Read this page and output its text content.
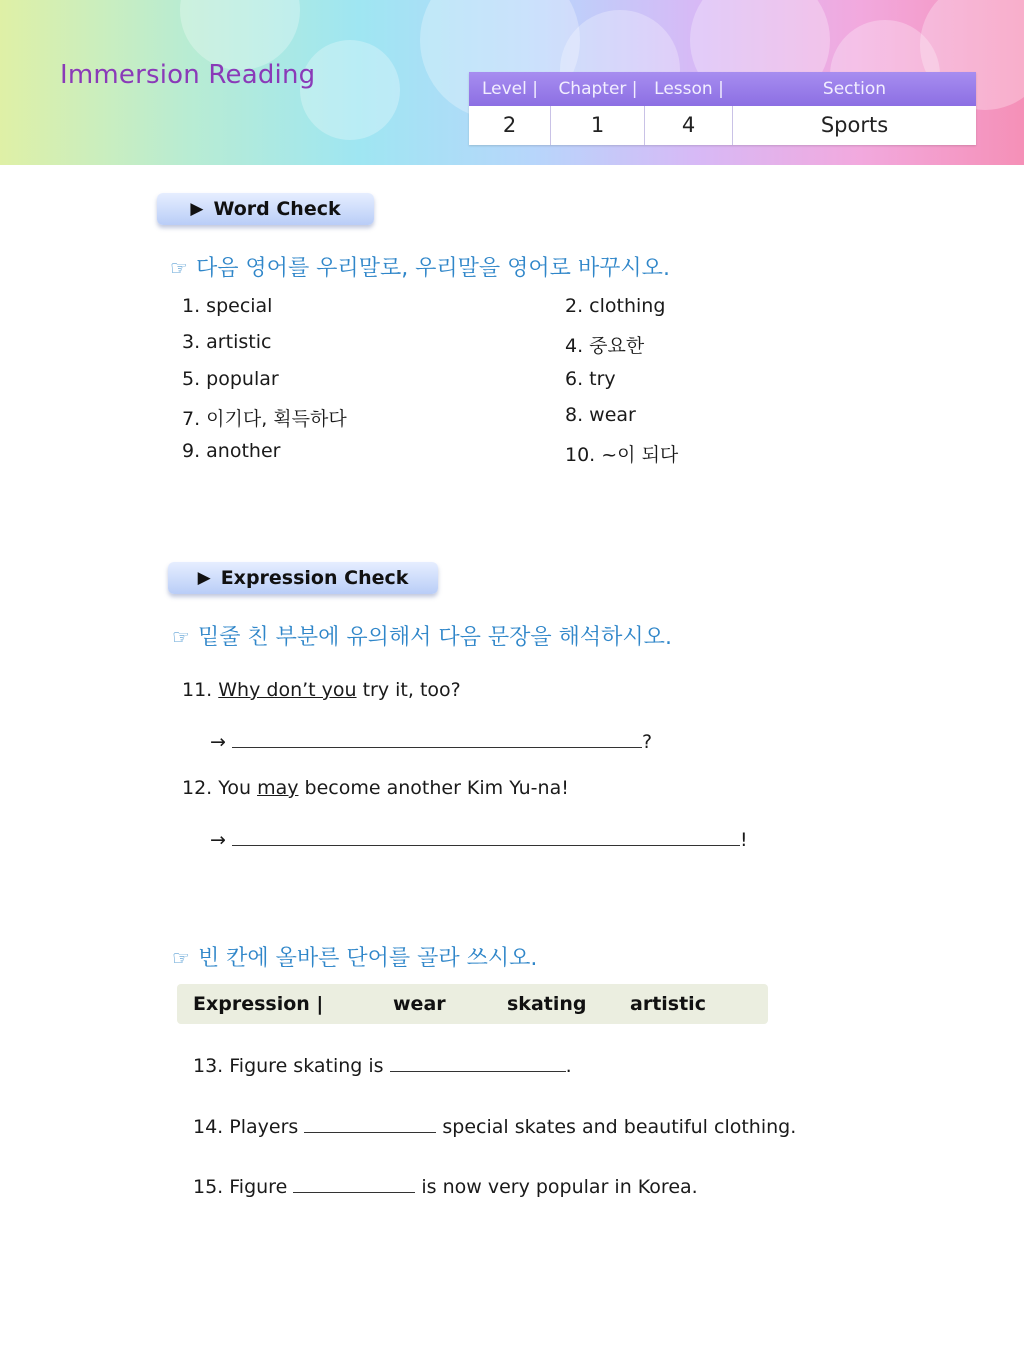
Immersion Reading	Level |	Chapter | Lesson |	Section
2	1	4	Sports
▶ Word Check
☞ 다음 영어를 우리말로, 우리말을 영어로 바꾸시오.
1. special	2. clothing
3. artistic	4. 중요한
5. popular	6. try
7. 이기다, 획득하다	8. wear
9. another	10. ~이 되다
▶ Expression Check
☞ 밑줄 친 부분에 유의해서 다음 문장을 해석하시오.
11. Why don’t you try it, too?
→	?
12. You may become another Kim Yu-na!
→	!
☞ 빈 칸에 올바른 단어를 골라 쓰시오.
Expression |	wear	skating artistic
13. Figure skating is	.
14. Players	special skates and beautiful clothing.
15. Figure	is now very popular in Korea.
